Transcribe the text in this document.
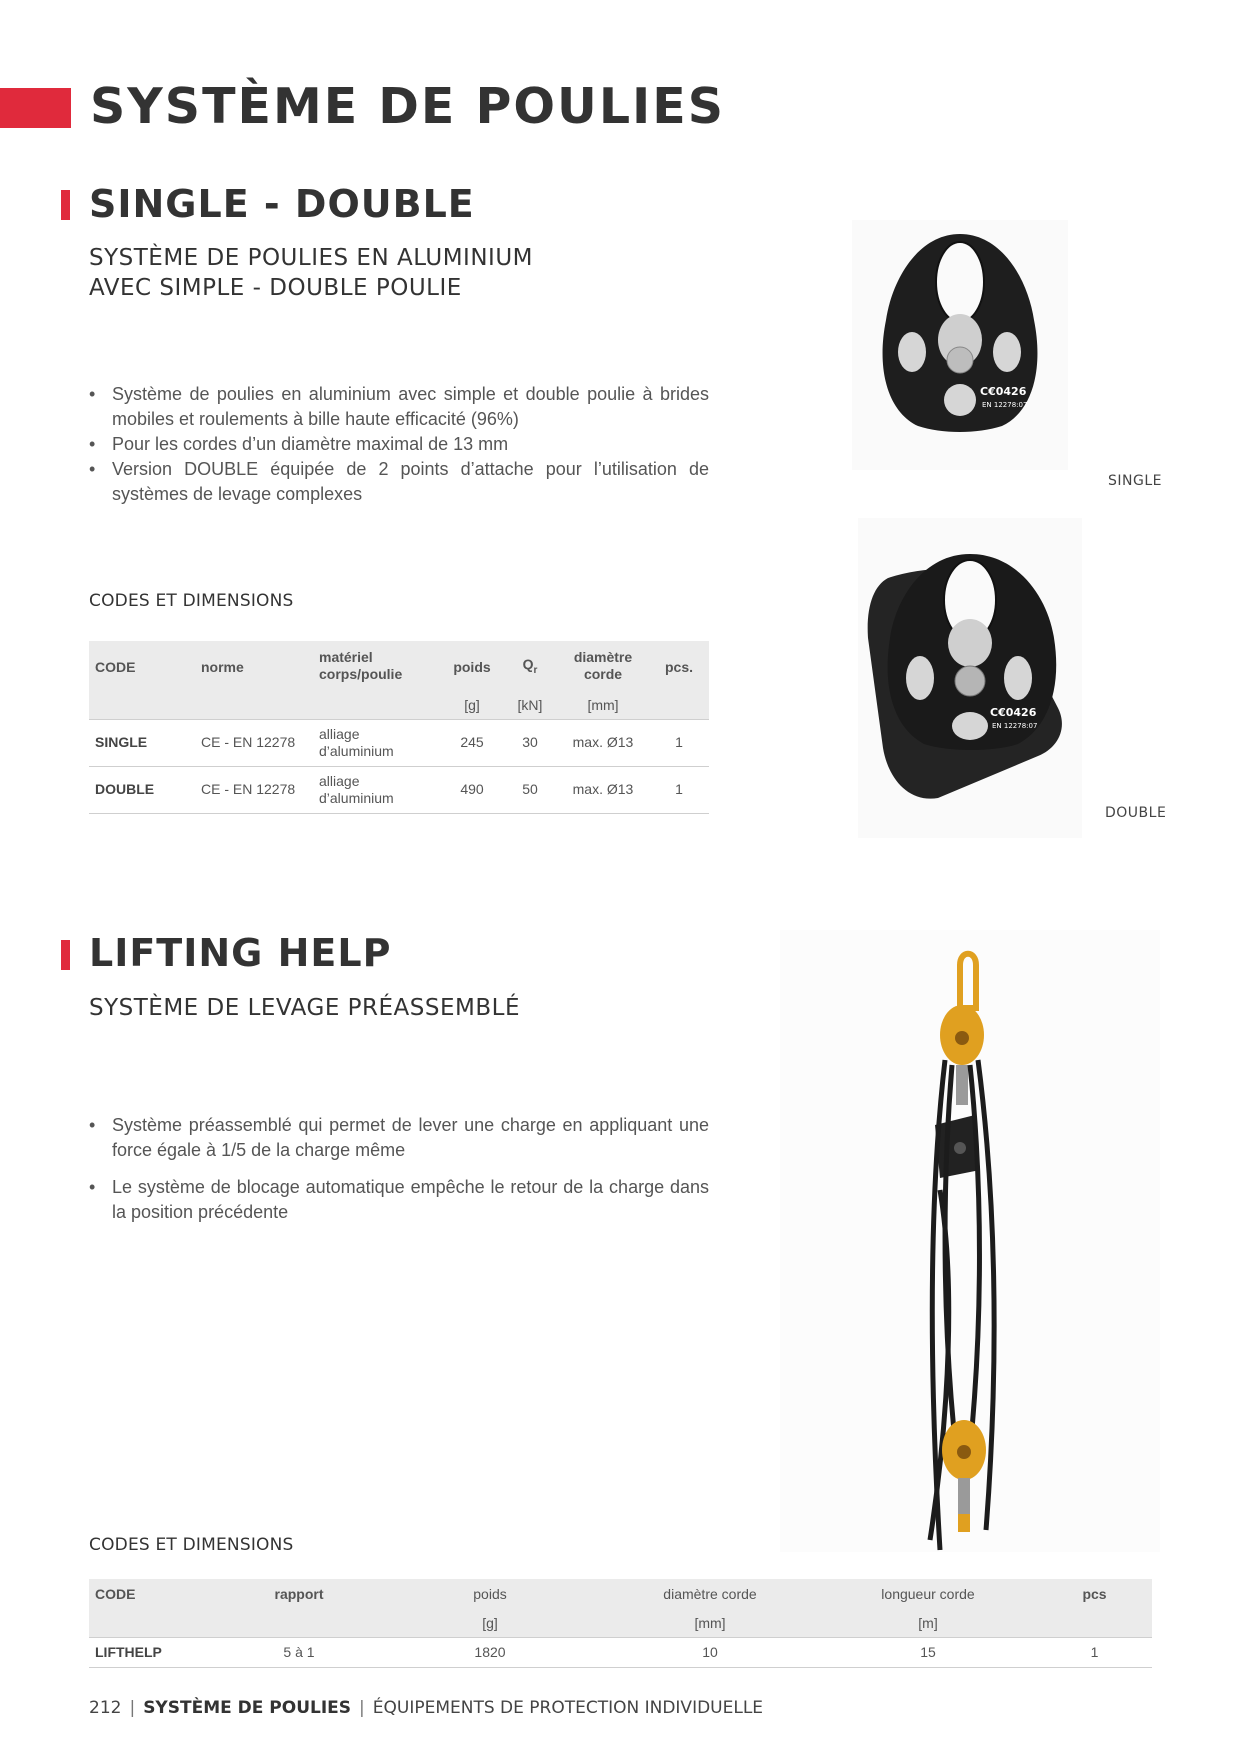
SYSTÈME DE POULIES
SINGLE - DOUBLE
SYSTÈME DE POULIES EN ALUMINIUM
AVEC SIMPLE - DOUBLE POULIE
• Système de poulies en aluminium avec simple et double poulie à brides mobiles et roulements à bille haute efficacité (96%)
• Pour les cordes d’un diamètre maximal de 13 mm
• Version DOUBLE équipée de 2 points d’attache pour l’utilisation de systèmes de levage complexes
CODES ET DIMENSIONS
CODE	norme	matériel corps/poulie	poids	$Q_r$	diamètre corde	pcs.
			[g]	[kN]	[mm]	
SINGLE	CE - EN 12278	alliage d’aluminium	245	30	max. Ø13	1
DOUBLE	CE - EN 12278	alliage d’aluminium	490	50	max. Ø13	1
C€0426
EN 12278:07
SINGLE
C€0426
EN 12278:07
DOUBLE
LIFTING HELP
SYSTÈME DE LEVAGE PRÉASSEMBLÉ
• Système préassemblé qui permet de lever une charge en appliquant une force égale à 1/5 de la charge même
• Le système de blocage automatique empêche le retour de la charge dans la position précédente
CODES ET DIMENSIONS
CODE	rapport	poids	diamètre corde	longueur corde	pcs
		[g]	[mm]	[m]	
LIFTHELP	5 à 1	1820	10	15	1
212 | SYSTÈME DE POULIES | ÉQUIPEMENTS DE PROTECTION INDIVIDUELLE
